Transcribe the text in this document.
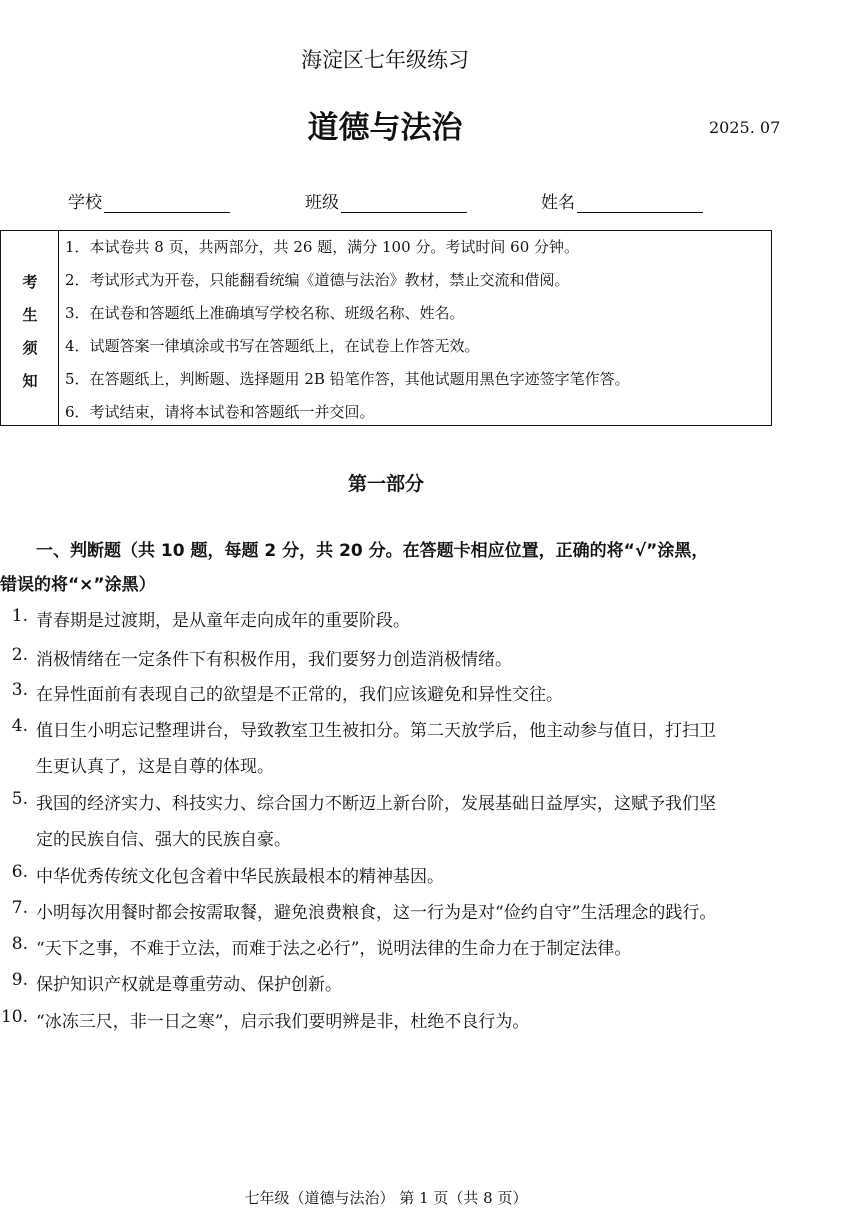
海淀区七年级练习
道德与法治	2025. 07
学校	班级	姓名
考
生
须
知
1．本试卷共 8 页，共两部分，共 26 题，满分 100 分。考试时间 60 分钟。
2．考试形式为开卷，只能翻看统编《道德与法治》教材，禁止交流和借阅。
3．在试卷和答题纸上准确填写学校名称、班级名称、姓名。
4．试题答案一律填涂或书写在答题纸上，在试卷上作答无效。
5．在答题纸上，判断题、选择题用 2B 铅笔作答，其他试题用黑色字迹签字笔作答。
6．考试结束，请将本试卷和答题纸一并交回。
第一部分
一、判断题（共 10 题，每题 2 分，共 20 分。在答题卡相应位置，正确的将“√”涂黑，
错误的将“×”涂黑）
1. 青春期是过渡期，是从童年走向成年的重要阶段。
2. 消极情绪在一定条件下有积极作用，我们要努力创造消极情绪。
3. 在异性面前有表现自己的欲望是不正常的，我们应该避免和异性交往。
4. 值日生小明忘记整理讲台，导致教室卫生被扣分。第二天放学后，他主动参与值日，打扫卫
生更认真了，这是自尊的体现。
5. 我国的经济实力、科技实力、综合国力不断迈上新台阶，发展基础日益厚实，这赋予我们坚
定的民族自信、强大的民族自豪。
6. 中华优秀传统文化包含着中华民族最根本的精神基因。
7. 小明每次用餐时都会按需取餐，避免浪费粮食，这一行为是对“俭约自守”生活理念的践行。
8. “天下之事，不难于立法，而难于法之必行”，说明法律的生命力在于制定法律。
9. 保护知识产权就是尊重劳动、保护创新。
10. “冰冻三尺，非一日之寒”，启示我们要明辨是非，杜绝不良行为。
七年级（道德与法治） 第 1 页（共 8 页）
